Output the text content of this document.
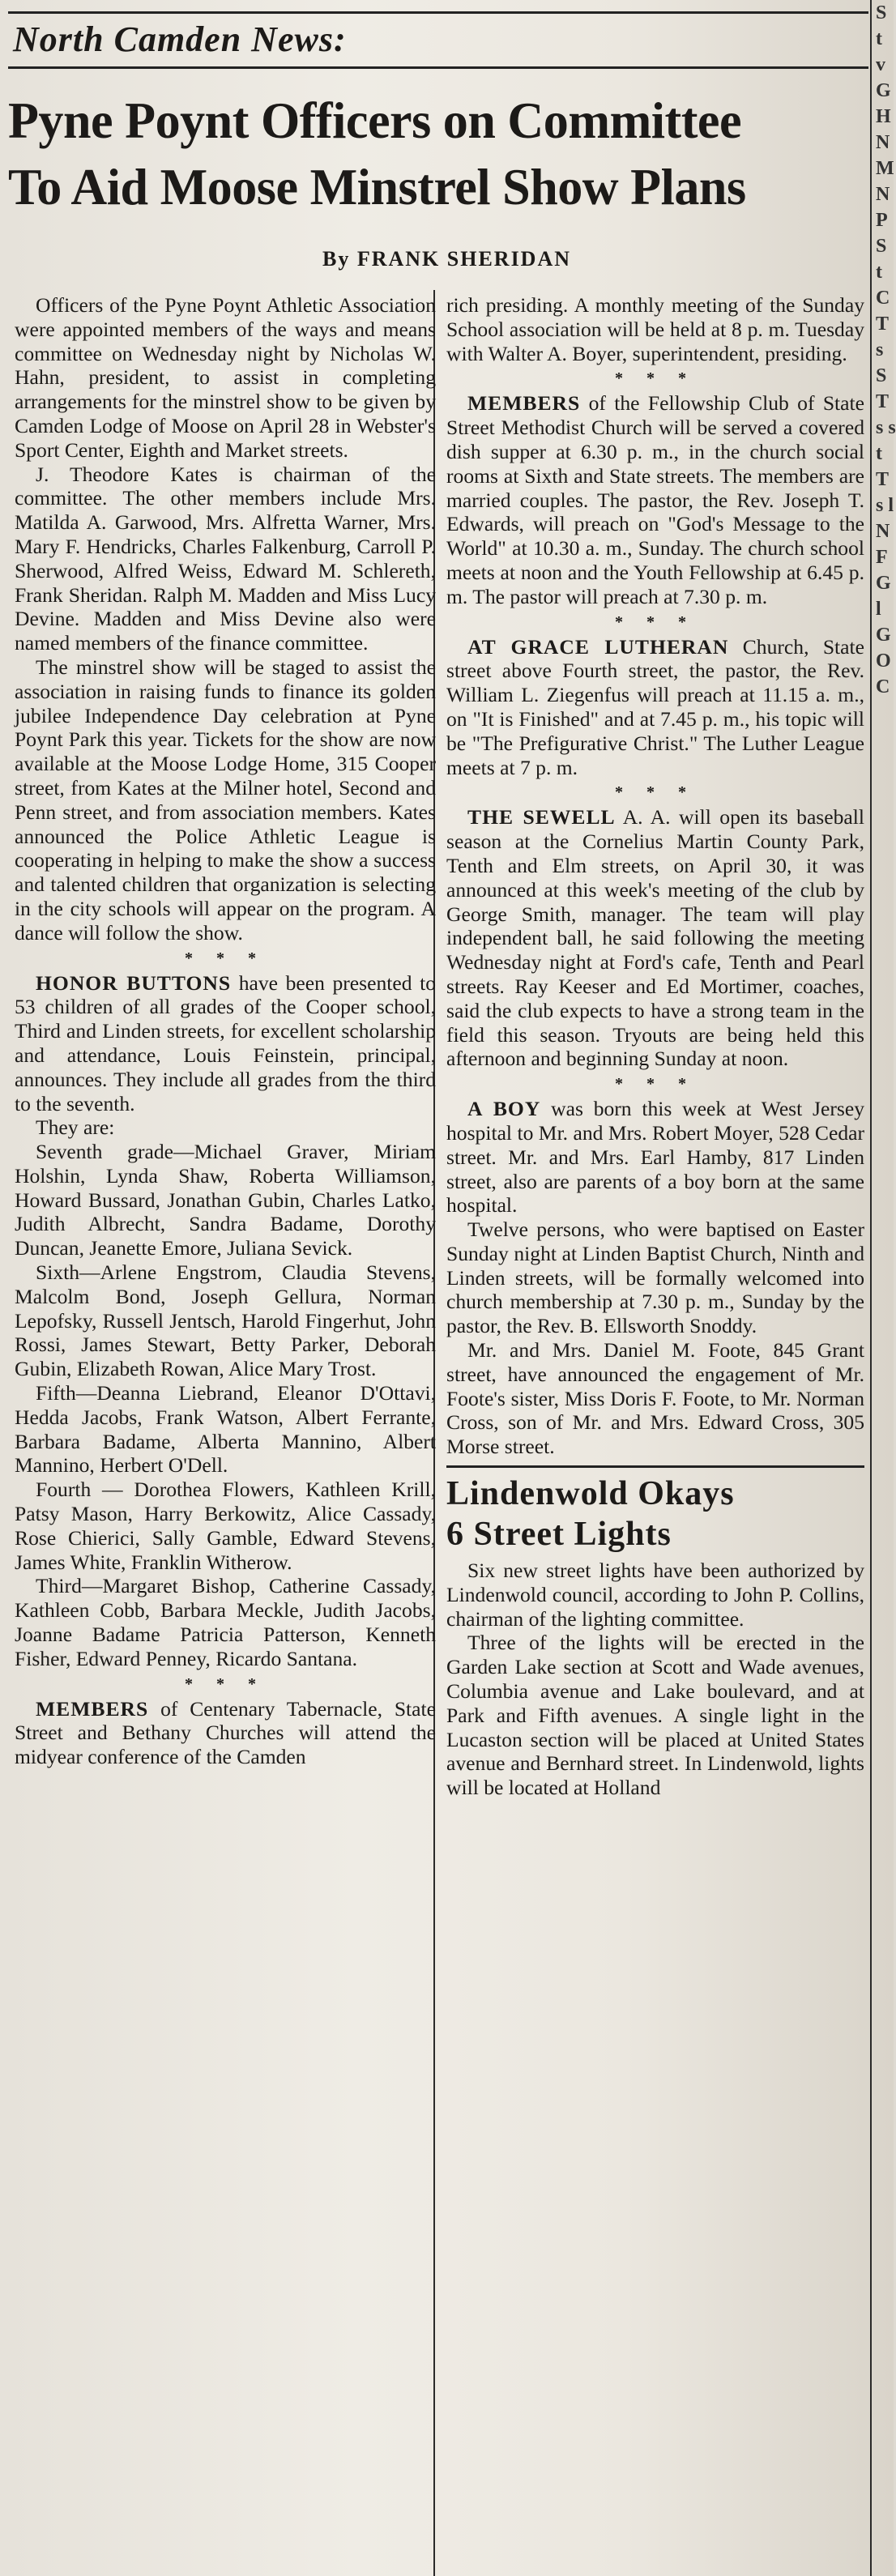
North Camden News:
Pyne Poynt Officers on Committee
To Aid Moose Minstrel Show Plans
By FRANK SHERIDAN
S t v G H N M N P S t C T s S T s s t T s l N F G l G O C

Officers of the Pyne Poynt Athletic Association were appointed members of the ways and means committee on Wednesday night by Nicholas W. Hahn, president, to assist in completing arrangements for the minstrel show to be given by Camden Lodge of Moose on April 28 in Webster's Sport Center, Eighth and Market streets.

J. Theodore Kates is chairman of the committee. The other members include Mrs. Matilda A. Garwood, Mrs. Alfretta Warner, Mrs. Mary F. Hendricks, Charles Falkenburg, Carroll P. Sherwood, Alfred Weiss, Edward M. Schlereth, Frank Sheridan. Ralph M. Madden and Miss Lucy Devine. Madden and Miss Devine also were named members of the finance committee.

The minstrel show will be staged to assist the association in raising funds to finance its golden jubilee Independence Day celebration at Pyne Poynt Park this year. Tickets for the show are now available at the Moose Lodge Home, 315 Cooper street, from Kates at the Milner hotel, Second and Penn street, and from association members. Kates announced the Police Athletic League is cooperating in helping to make the show a success and talented children that organization is selecting in the city schools will appear on the program. A dance will follow the show.

* * *

HONOR BUTTONS have been presented to 53 children of all grades of the Cooper school, Third and Linden streets, for excellent scholarship and attendance, Louis Feinstein, principal, announces. They include all grades from the third to the seventh.

They are:

Seventh grade—Michael Graver, Miriam Holshin, Lynda Shaw, Roberta Williamson, Howard Bussard, Jonathan Gubin, Charles Latko, Judith Albrecht, Sandra Badame, Dorothy Duncan, Jeanette Emore, Juliana Sevick.

Sixth—Arlene Engstrom, Claudia Stevens, Malcolm Bond, Joseph Gellura, Norman Lepofsky, Russell Jentsch, Harold Fingerhut, John Rossi, James Stewart, Betty Parker, Deborah Gubin, Elizabeth Rowan, Alice Mary Trost.

Fifth—Deanna Liebrand, Eleanor D'Ottavi, Hedda Jacobs, Frank Watson, Albert Ferrante, Barbara Badame, Alberta Mannino, Albert Mannino, Herbert O'Dell.

Fourth — Dorothea Flowers, Kathleen Krill, Patsy Mason, Harry Berkowitz, Alice Cassady, Rose Chierici, Sally Gamble, Edward Stevens, James White, Franklin Witherow.

Third—Margaret Bishop, Catherine Cassady, Kathleen Cobb, Barbara Meckle, Judith Jacobs, Joanne Badame Patricia Patterson, Kenneth Fisher, Edward Penney, Ricardo Santana.

* * *

MEMBERS of Centenary Tabernacle, State Street and Bethany Churches will attend the midyear conference of the Camden

rich presiding. A monthly meeting of the Sunday School association will be held at 8 p. m. Tuesday with Walter A. Boyer, superintendent, presiding.

* * *

MEMBERS of the Fellowship Club of State Street Methodist Church will be served a covered dish supper at 6.30 p. m., in the church social rooms at Sixth and State streets. The members are married couples. The pastor, the Rev. Joseph T. Edwards, will preach on "God's Message to the World" at 10.30 a. m., Sunday. The church school meets at noon and the Youth Fellowship at 6.45 p. m. The pastor will preach at 7.30 p. m.

* * *

AT GRACE LUTHERAN Church, State street above Fourth street, the pastor, the Rev. William L. Ziegenfus will preach at 11.15 a. m., on "It is Finished" and at 7.45 p. m., his topic will be "The Prefigurative Christ." The Luther League meets at 7 p. m.

* * *

THE SEWELL A. A. will open its baseball season at the Cornelius Martin County Park, Tenth and Elm streets, on April 30, it was announced at this week's meeting of the club by George Smith, manager. The team will play independent ball, he said following the meeting Wednesday night at Ford's cafe, Tenth and Pearl streets. Ray Keeser and Ed Mortimer, coaches, said the club expects to have a strong team in the field this season. Tryouts are being held this afternoon and beginning Sunday at noon.

* * *

A BOY was born this week at West Jersey hospital to Mr. and Mrs. Robert Moyer, 528 Cedar street. Mr. and Mrs. Earl Hamby, 817 Linden street, also are parents of a boy born at the same hospital.

Twelve persons, who were baptised on Easter Sunday night at Linden Baptist Church, Ninth and Linden streets, will be formally welcomed into church membership at 7.30 p. m., Sunday by the pastor, the Rev. B. Ellsworth Snoddy.

Mr. and Mrs. Daniel M. Foote, 845 Grant street, have announced the engagement of Mr. Foote's sister, Miss Doris F. Foote, to Mr. Norman Cross, son of Mr. and Mrs. Edward Cross, 305 Morse street.

Lindenwold Okays
6 Street Lights

Six new street lights have been authorized by Lindenwold council, according to John P. Collins, chairman of the lighting committee.

Three of the lights will be erected in the Garden Lake section at Scott and Wade avenues, Columbia avenue and Lake boulevard, and at Park and Fifth avenues. A single light in the Lucaston section will be placed at United States avenue and Bernhard street. In Lindenwold, lights will be located at Holland
